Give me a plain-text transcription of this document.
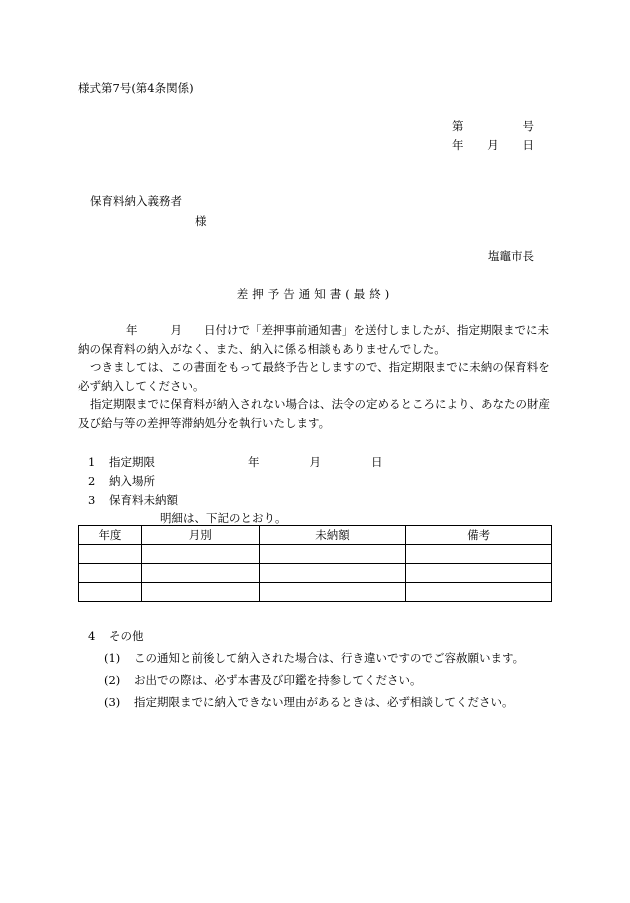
様式第7号(第4条関係)
第	号
年 月 日
保育料納入義務者
様
塩竈市長
差押予告通知書(最終)

年	月 日付けで「差押事前通知書」を送付しましたが、指定期限までに未納の保育料の納入がなく、また、納入に係る相談もありませんでした。

つきましては、この書面をもって最終予告としますので、指定期限までに未納の保育料を必ず納入してください。

指定期限までに保育料が納入されない場合は、法令の定めるところにより、あなたの財産及び給与等の差押等滞納処分を執行いたします。

1	指定期限	年	月	日
2	納入場所
3	保育料未納額
明細は、下記のとおり。
年度	月別	未納額	備考

4	その他
(1)	この通知と前後して納入された場合は、行き違いですのでご容赦願います。
(2)	お出での際は、必ず本書及び印鑑を持参してください。
(3)	指定期限までに納入できない理由があるときは、必ず相談してください。
